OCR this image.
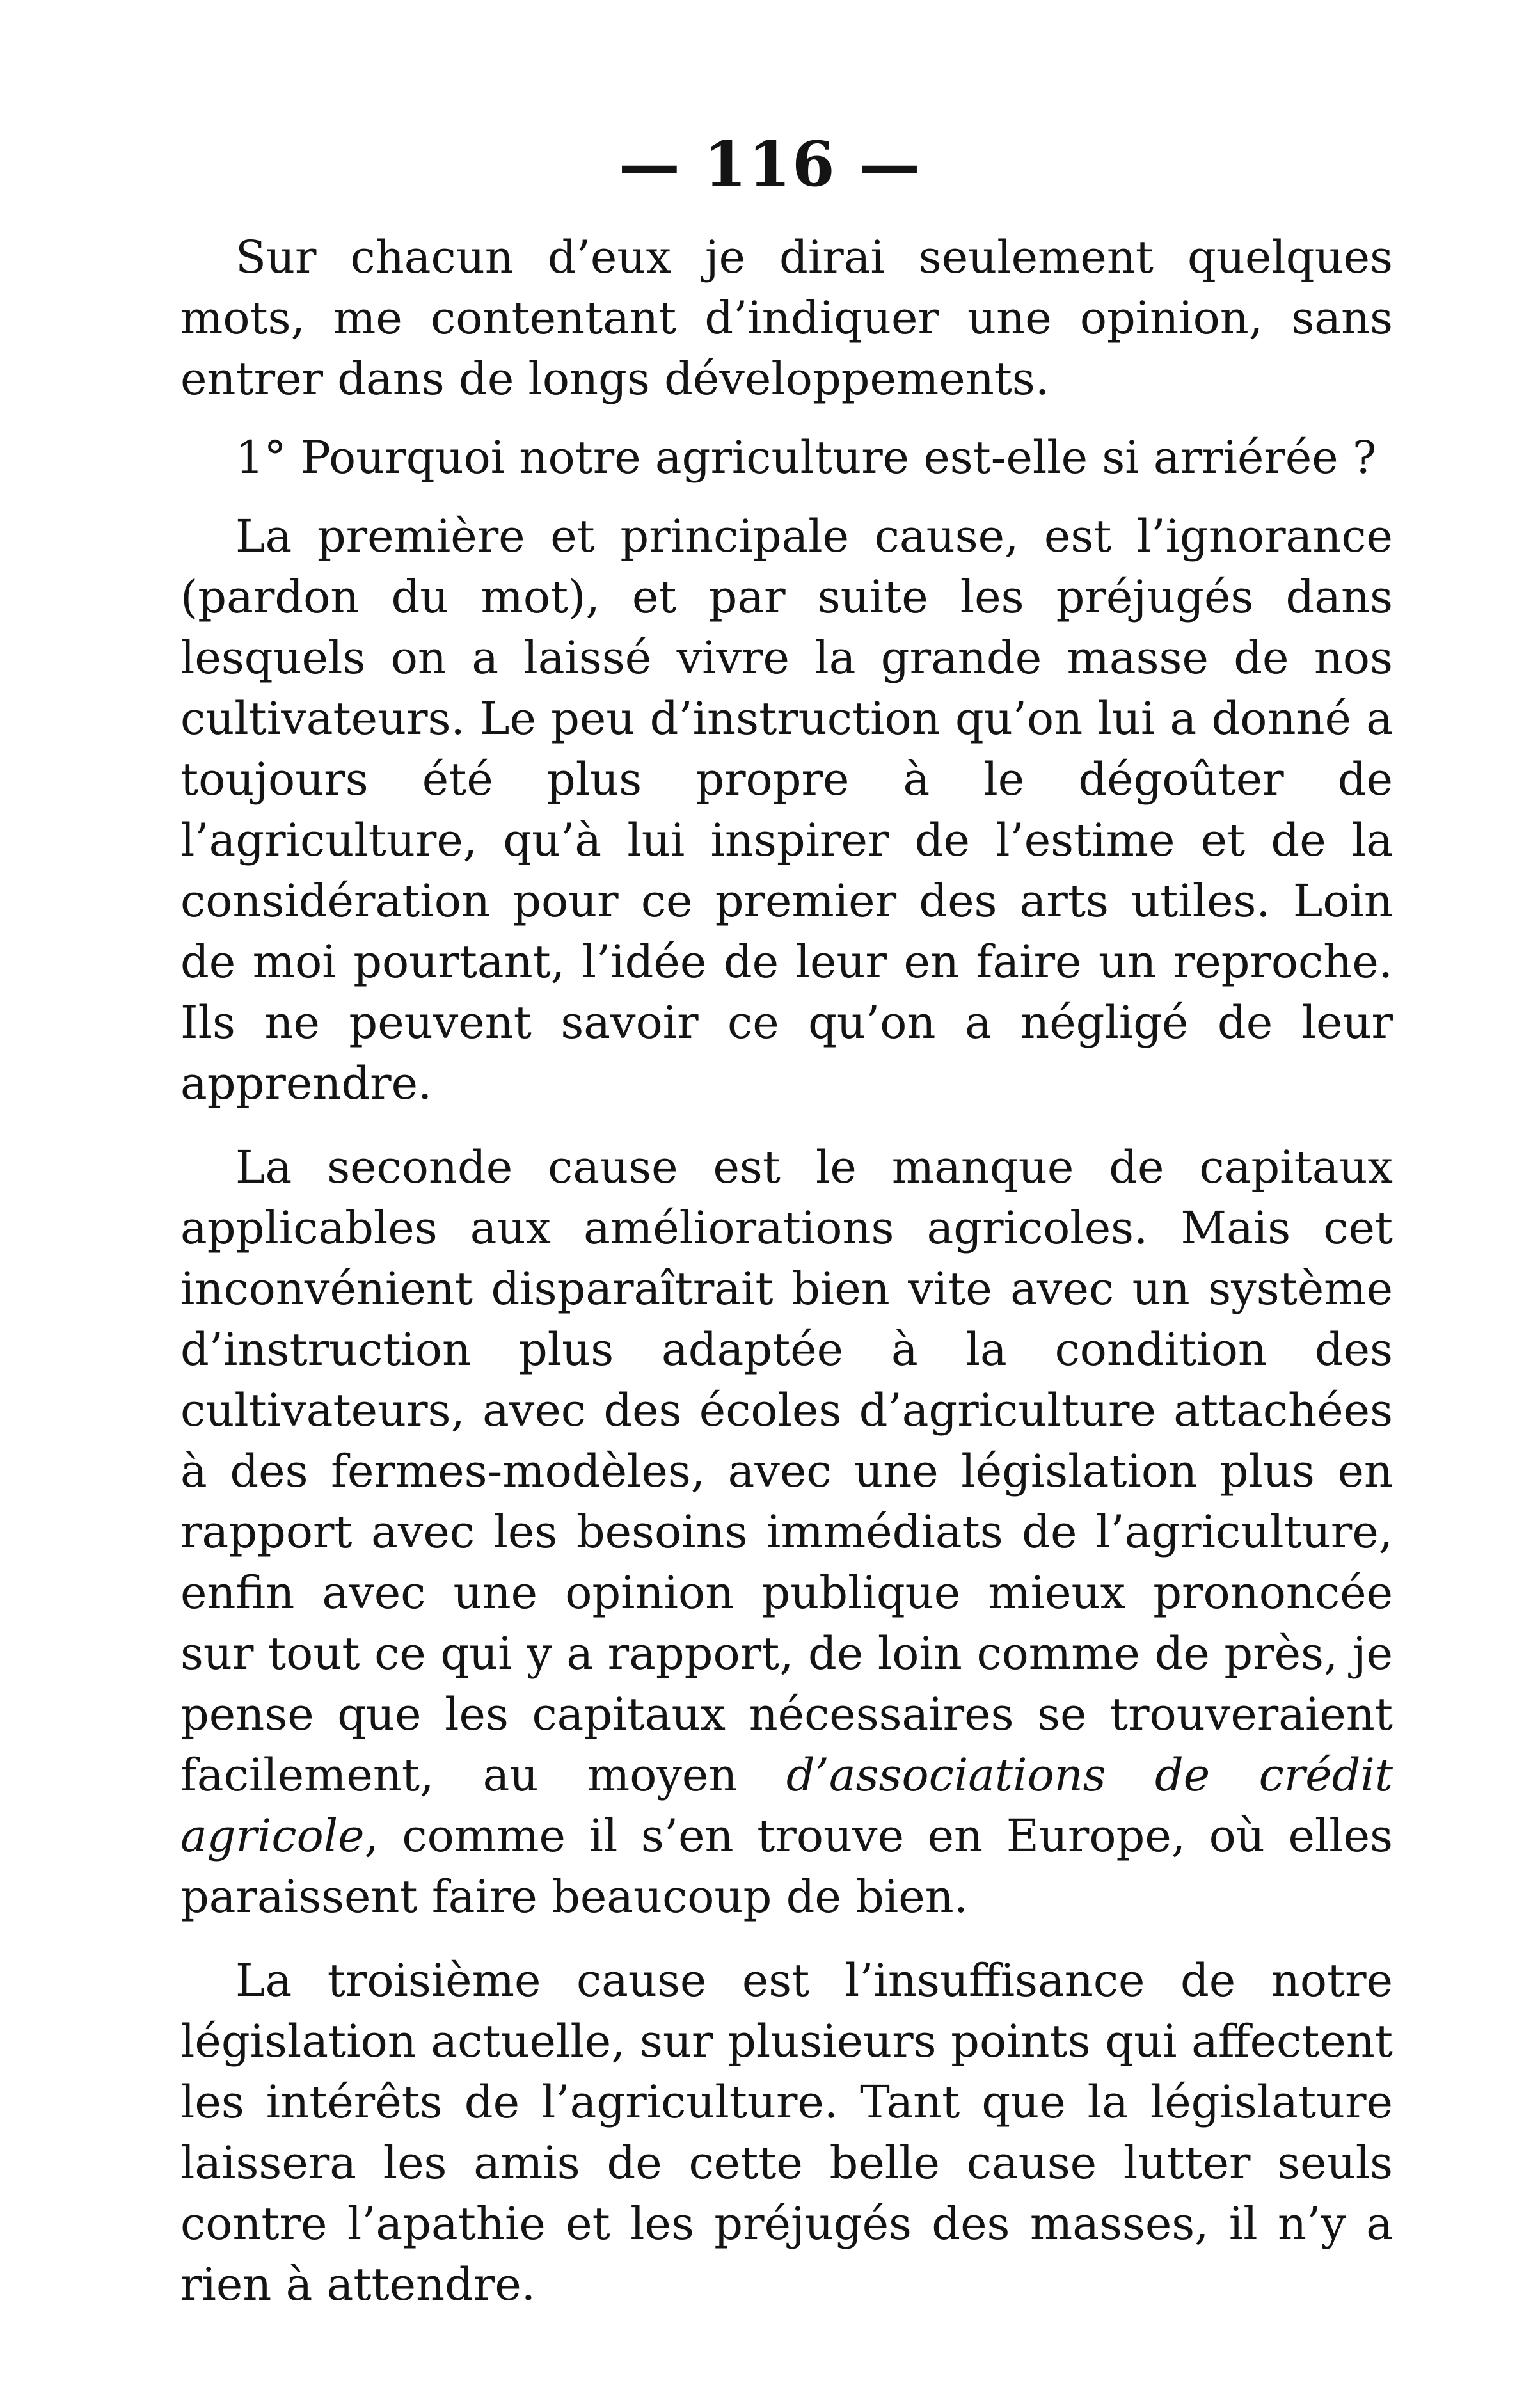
— 116 —

Sur chacun d’eux je dirai seulement quelques mots, me contentant d’indiquer une opinion, sans entrer dans de longs développements.

1° Pourquoi notre agriculture est-elle si arriérée ?

La première et principale cause, est l’ignorance (pardon du mot), et par suite les préjugés dans lesquels on a laissé vivre la grande masse de nos cultivateurs. Le peu d’instruction qu’on lui a donné a toujours été plus propre à le dégoûter de l’agriculture, qu’à lui inspirer de l’estime et de la considération pour ce premier des arts utiles. Loin de moi pourtant, l’idée de leur en faire un reproche. Ils ne peuvent savoir ce qu’on a négligé de leur apprendre.

La seconde cause est le manque de capitaux applicables aux améliorations agricoles. Mais cet inconvénient disparaîtrait bien vite avec un système d’instruction plus adaptée à la condition des cultivateurs, avec des écoles d’agriculture attachées à des fermes-modèles, avec une législation plus en rapport avec les besoins immédiats de l’agriculture, enfin avec une opinion publique mieux prononcée sur tout ce qui y a rapport, de loin comme de près, je pense que les capitaux nécessaires se trouveraient facilement, au moyen d’associations de crédit agricole, comme il s’en trouve en Europe, où elles paraissent faire beaucoup de bien.

La troisième cause est l’insuffisance de notre législation actuelle, sur plusieurs points qui affectent les intérêts de l’agriculture. Tant que la législature laissera les amis de cette belle cause lutter seuls contre l’apathie et les préjugés des masses, il n’y a rien à attendre.
